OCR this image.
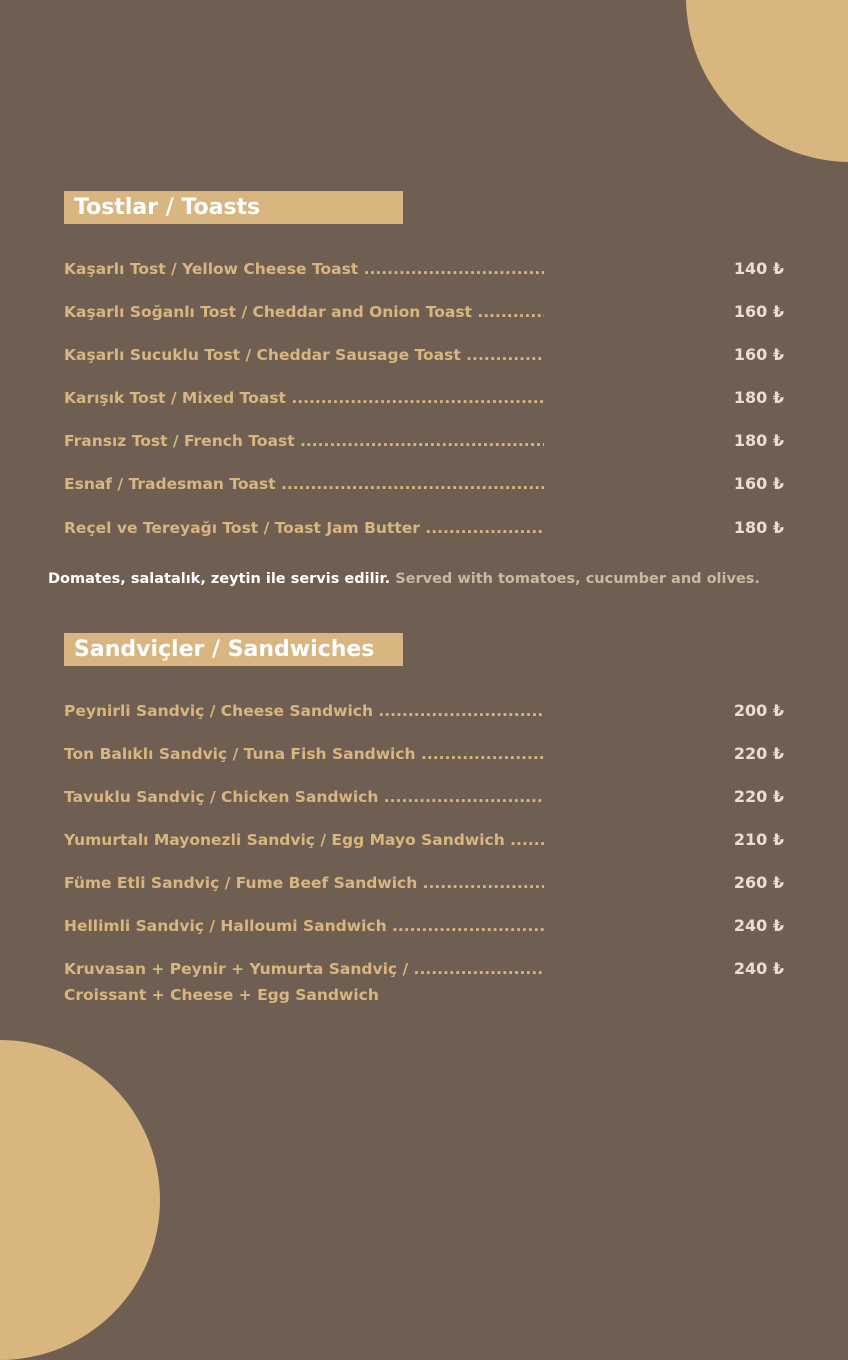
Tostlar / Toasts
Kaşarlı Tost / Yellow Cheese Toast .....	140 ₺
Kaşarlı Soğanlı Tost / Cheddar and Onion Toast .....	160 ₺
Kaşarlı Sucuklu Tost / Cheddar Sausage Toast .....	160 ₺
Karışık Tost / Mixed Toast .....	180 ₺
Fransız Tost / French Toast .....	180 ₺
Esnaf / Tradesman Toast .....	160 ₺
Reçel ve Tereyağı Tost / Toast Jam Butter .....	180 ₺
Domates, salatalık, zeytin ile servis edilir. Served with tomatoes, cucumber and olives.
Sandviçler / Sandwiches
Peynirli Sandviç / Cheese Sandwich .....	200 ₺
Ton Balıklı Sandviç / Tuna Fish Sandwich .....	220 ₺
Tavuklu Sandviç / Chicken Sandwich .....	220 ₺
Yumurtalı Mayonezli Sandviç / Egg Mayo Sandwich .....	210 ₺
Füme Etli Sandviç / Fume Beef Sandwich .....	260 ₺
Hellimli Sandviç / Halloumi Sandwich .....	240 ₺
Kruvasan + Peynir + Yumurta Sandviç / .....	240 ₺
Croissant + Cheese + Egg Sandwich
